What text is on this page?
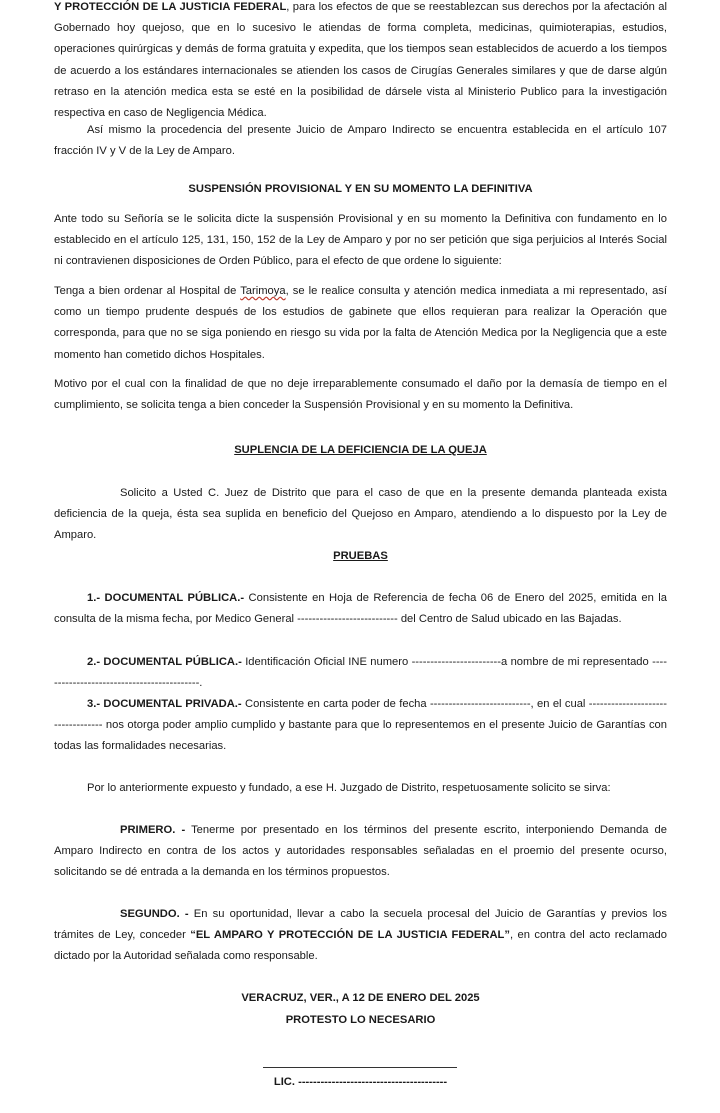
Y PROTECCIÓN DE LA JUSTICIA FEDERAL, para los efectos de que se reestablezcan sus derechos por la afectación al Gobernado hoy quejoso, que en lo sucesivo le atiendas de forma completa, medicinas, quimioterapias, estudios, operaciones quirúrgicas y demás de forma gratuita y expedita, que los tiempos sean establecidos de acuerdo a los tiempos de acuerdo a los estándares internacionales se atienden los casos de Cirugías Generales similares y que de darse algún retraso en la atención medica esta se esté en la posibilidad de dársele vista al Ministerio Publico para la investigación respectiva en caso de Negligencia Médica.

Así mismo la procedencia del presente Juicio de Amparo Indirecto se encuentra establecida en el artículo 107 fracción IV y V de la Ley de Amparo.

SUSPENSIÓN PROVISIONAL Y EN SU MOMENTO LA DEFINITIVA

Ante todo su Señoría se le solicita dicte la suspensión Provisional y en su momento la Definitiva con fundamento en lo establecido en el artículo 125, 131, 150, 152 de la Ley de Amparo y por no ser petición que siga perjuicios al Interés Social ni contravienen disposiciones de Orden Público, para el efecto de que ordene lo siguiente:

Tenga a bien ordenar al Hospital de Tarimoya, se le realice consulta y atención medica inmediata a mi representado, así como un tiempo prudente después de los estudios de gabinete que ellos requieran para realizar la Operación que corresponda, para que no se siga poniendo en riesgo su vida por la falta de Atención Medica por la Negligencia que a este momento han cometido dichos Hospitales.

Motivo por el cual con la finalidad de que no deje irreparablemente consumado el daño por la demasía de tiempo en el cumplimiento, se solicita tenga a bien conceder la Suspensión Provisional y en su momento la Definitiva.

SUPLENCIA DE LA DEFICIENCIA DE LA QUEJA

Solicito a Usted C. Juez de Distrito que para el caso de que en la presente demanda planteada exista deficiencia de la queja, ésta sea suplida en beneficio del Quejoso en Amparo, atendiendo a lo dispuesto por la Ley de Amparo.

PRUEBAS

1.- DOCUMENTAL PÚBLICA.- Consistente en Hoja de Referencia de fecha 06 de Enero del 2025, emitida en la consulta de la misma fecha, por Medico General --------------------------- del Centro de Salud ubicado en las Bajadas.

2.- DOCUMENTAL PÚBLICA.- Identificación Oficial INE numero ------------------------a nombre de mi representado -------------------------------------------.

3.- DOCUMENTAL PRIVADA.- Consistente en carta poder de fecha ---------------------------, en el cual ---------------------------------- nos otorga poder amplio cumplido y bastante para que lo representemos en el presente Juicio de Garantías con todas las formalidades necesarias.

Por lo anteriormente expuesto y fundado, a ese H. Juzgado de Distrito, respetuosamente solicito se sirva:

PRIMERO. - Tenerme por presentado en los términos del presente escrito, interponiendo Demanda de Amparo Indirecto en contra de los actos y autoridades responsables señaladas en el proemio del presente ocurso, solicitando se dé entrada a la demanda en los términos propuestos.

SEGUNDO. - En su oportunidad, llevar a cabo la secuela procesal del Juicio de Garantías y previos los trámites de Ley, conceder “EL AMPARO Y PROTECCIÓN DE LA JUSTICIA FEDERAL”, en contra del acto reclamado dictado por la Autoridad señalada como responsable.

VERACRUZ, VER., A 12 DE ENERO DEL 2025

PROTESTO LO NECESARIO

LIC. ----------------------------------------
